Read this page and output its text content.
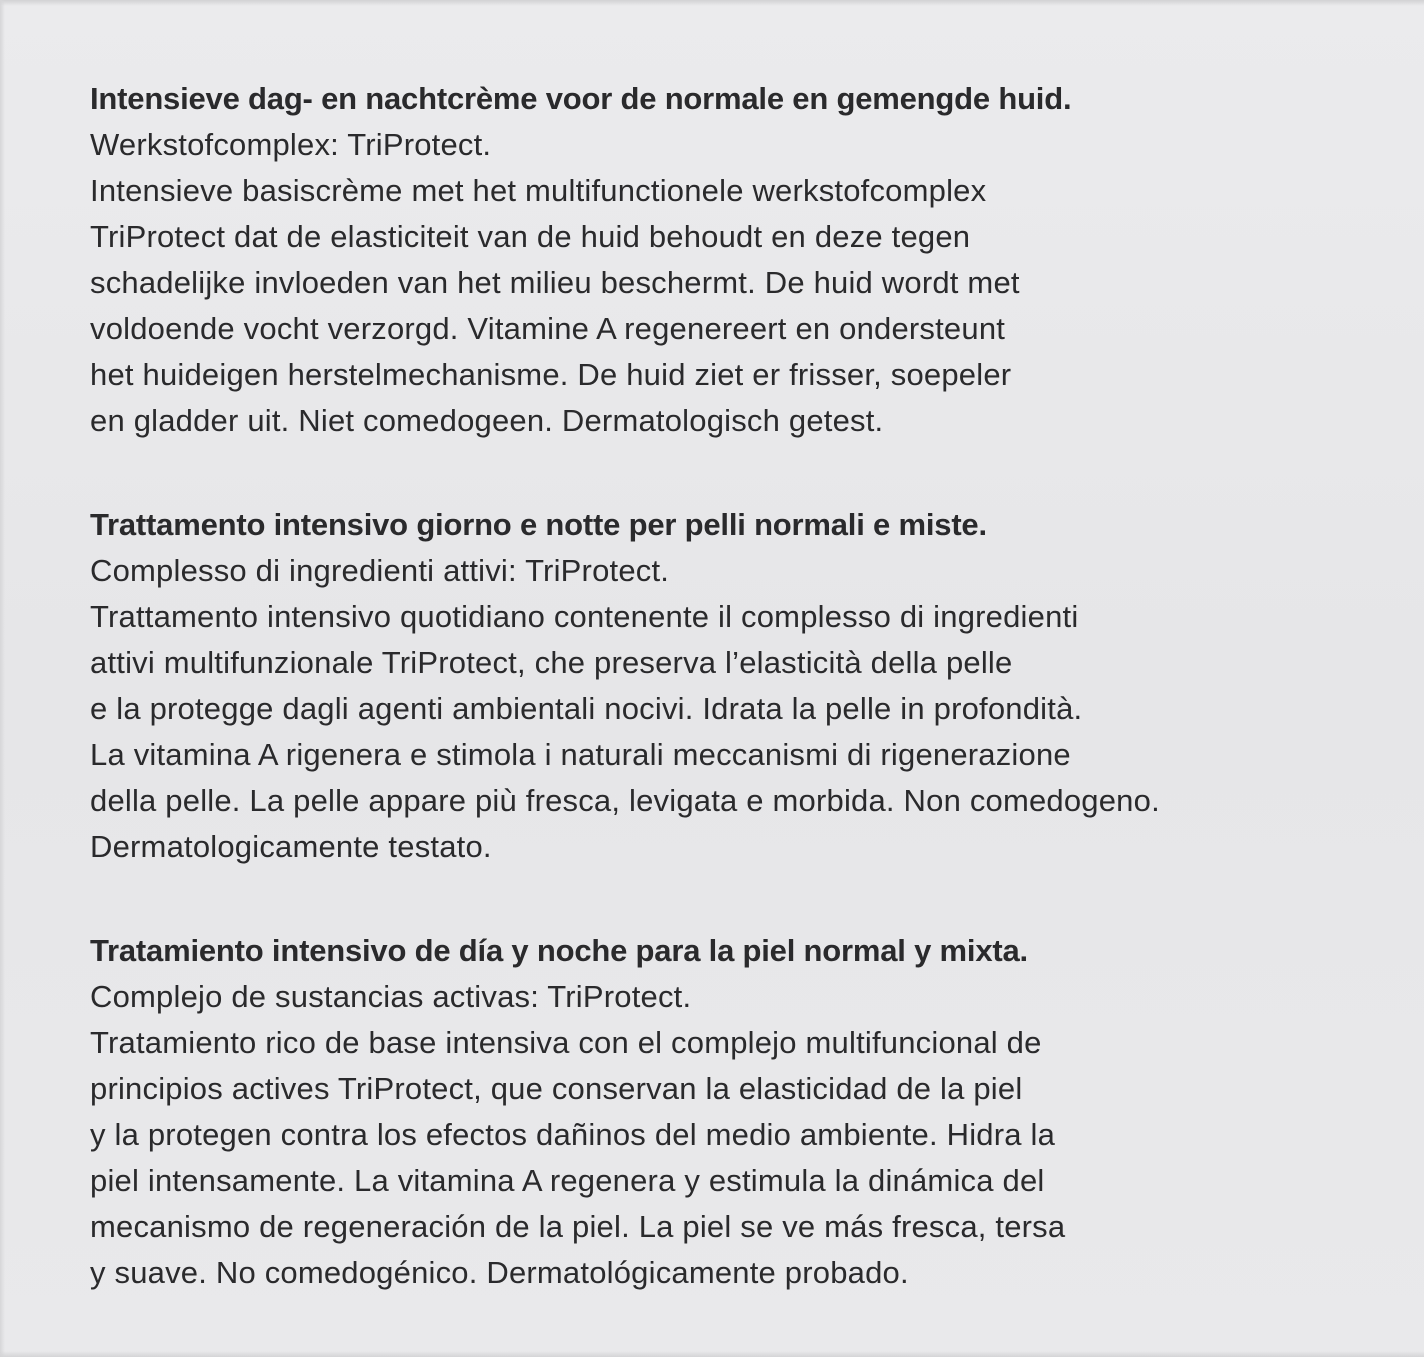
Intensieve dag- en nachtcrème voor de normale en gemengde huid.

Werkstofcomplex: TriProtect.

Intensieve basiscrème met het multifunctionele werkstofcomplex

TriProtect dat de elasticiteit van de huid behoudt en deze tegen

schadelijke invloeden van het milieu beschermt. De huid wordt met

voldoende vocht verzorgd. Vitamine A regenereert en ondersteunt

het huideigen herstelmechanisme. De huid ziet er frisser, soepeler

en gladder uit. Niet comedogeen. Dermatologisch getest.

Trattamento intensivo giorno e notte per pelli normali e miste.

Complesso di ingredienti attivi: TriProtect.

Trattamento intensivo quotidiano contenente il complesso di ingredienti

attivi multifunzionale TriProtect, che preserva l’elasticità della pelle

e la protegge dagli agenti ambientali nocivi. Idrata la pelle in profondità.

La vitamina A rigenera e stimola i naturali meccanismi di rigenerazione

della pelle. La pelle appare più fresca, levigata e morbida. Non comedogeno.

Dermatologicamente testato.

Tratamiento intensivo de día y noche para la piel normal y mixta.

Complejo de sustancias activas: TriProtect.

Tratamiento rico de base intensiva con el complejo multifuncional de

principios actives TriProtect, que conservan la elasticidad de la piel

y la protegen contra los efectos dañinos del medio ambiente. Hidra la

piel intensamente. La vitamina A regenera y estimula la dinámica del

mecanismo de regeneración de la piel. La piel se ve más fresca, tersa

y suave. No comedogénico. Dermatológicamente probado.
